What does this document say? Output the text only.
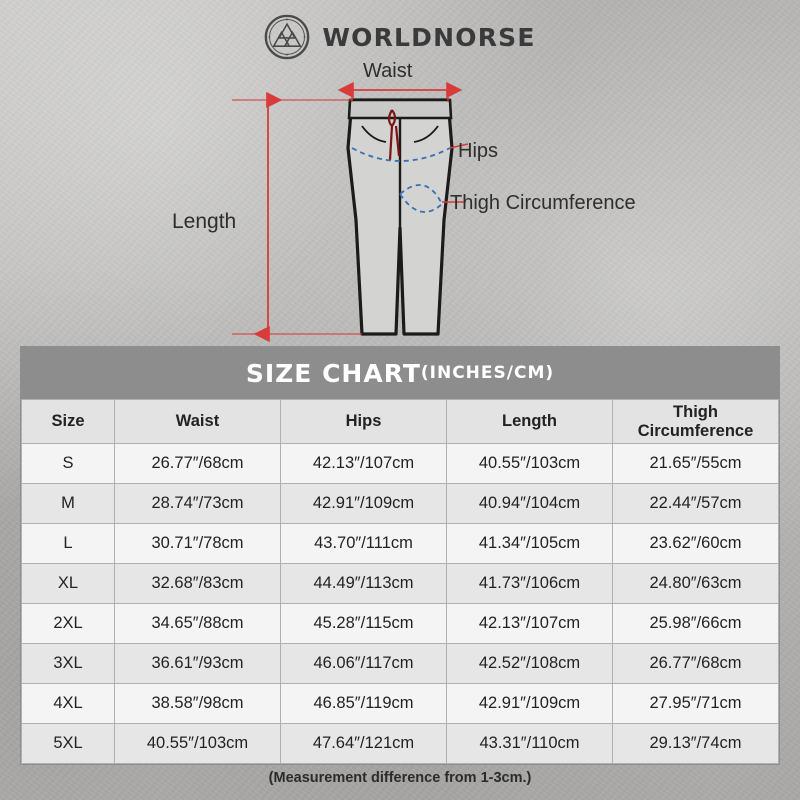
WORLDNORSE
Waist
Hips
Thigh Circumference
Length
SIZE CHART (INCHES/CM)
Size	Waist	Hips	Length	Thigh Circumference
S	26.77″/68cm	42.13″/107cm	40.55″/103cm	21.65″/55cm
M	28.74″/73cm	42.91″/109cm	40.94″/104cm	22.44″/57cm
L	30.71″/78cm	43.70″/111cm	41.34″/105cm	23.62″/60cm
XL	32.68″/83cm	44.49″/113cm	41.73″/106cm	24.80″/63cm
2XL	34.65″/88cm	45.28″/115cm	42.13″/107cm	25.98″/66cm
3XL	36.61″/93cm	46.06″/117cm	42.52″/108cm	26.77″/68cm
4XL	38.58″/98cm	46.85″/119cm	42.91″/109cm	27.95″/71cm
5XL	40.55″/103cm	47.64″/121cm	43.31″/110cm	29.13″/74cm
(Measurement difference from 1-3cm.)
